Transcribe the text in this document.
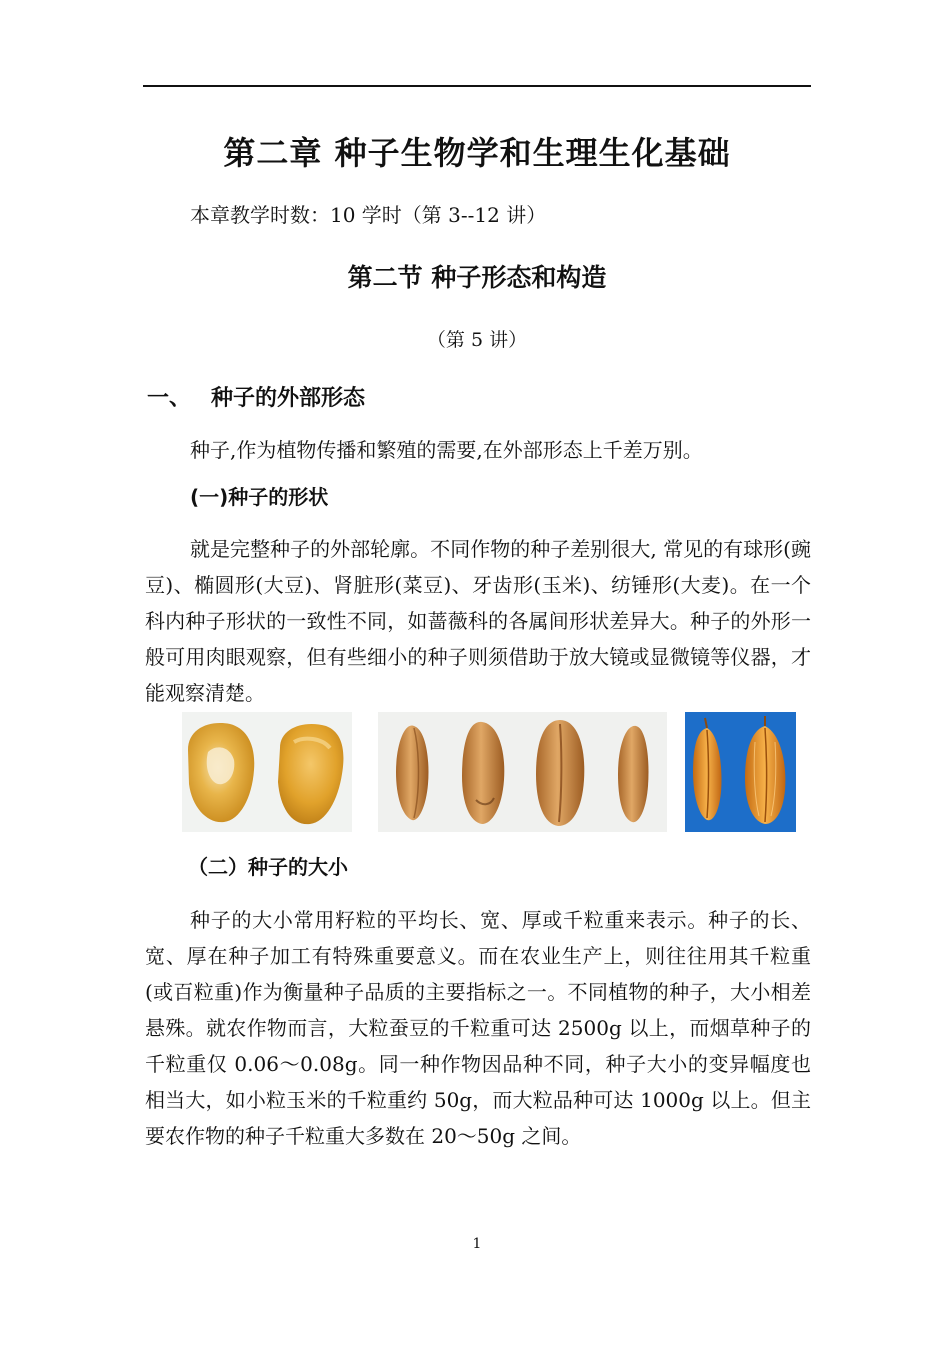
第二章 种子生物学和生理生化基础

本章教学时数：10 学时（第 3--12 讲）

第二节 种子形态和构造

（第 5 讲）

一、 种子的外部形态

种子,作为植物传播和繁殖的需要,在外部形态上千差万别。

(一)种子的形状

就是完整种子的外部轮廓。不同作物的种子差别很大, 常见的有球形(豌豆)、椭圆形(大豆)、肾脏形(菜豆)、牙齿形(玉米)、纺锤形(大麦)。在一个科内种子形状的一致性不同，如蔷薇科的各属间形状差异大。种子的外形一般可用肉眼观察，但有些细小的种子则须借助于放大镜或显微镜等仪器，才能观察清楚。

（二）种子的大小

种子的大小常用籽粒的平均长、宽、厚或千粒重来表示。种子的长、宽、厚在种子加工有特殊重要意义。而在农业生产上，则往往用其千粒重(或百粒重)作为衡量种子品质的主要指标之一。不同植物的种子，大小相差悬殊。就农作物而言，大粒蚕豆的千粒重可达 2500g 以上，而烟草种子的千粒重仅 0.06～0.08g。同一种作物因品种不同，种子大小的变异幅度也相当大，如小粒玉米的千粒重约 50g，而大粒品种可达 1000g 以上。但主要农作物的种子千粒重大多数在 20～50g 之间。

1
